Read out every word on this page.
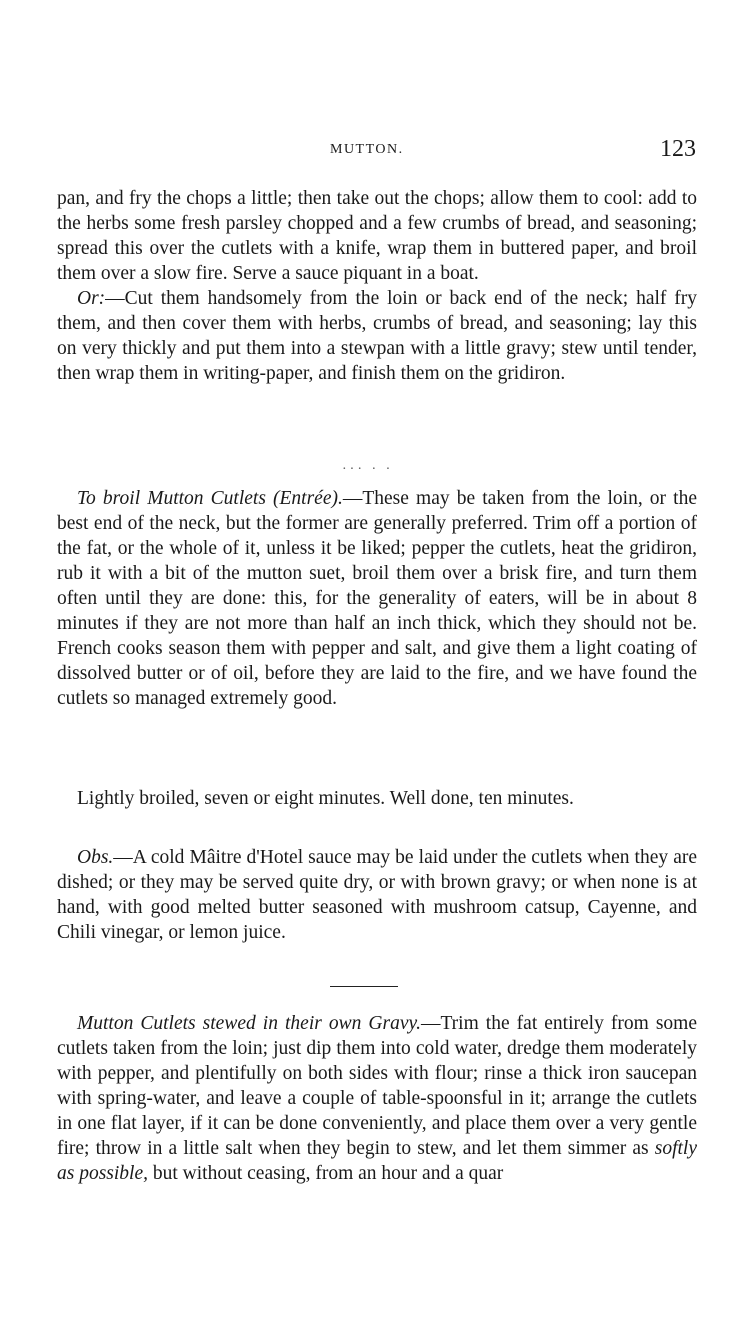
MUTTON.	123
pan, and fry the chops a little; then take out the chops; allow them to cool: add to the herbs some fresh parsley chopped and a few crumbs of bread, and seasoning; spread this over the cutlets with a knife, wrap them in buttered paper, and broil them over a slow fire. Serve a sauce piquant in a boat.
Or:—Cut them handsomely from the loin or back end of the neck; half fry them, and then cover them with herbs, crumbs of bread, and seasoning; lay this on very thickly and put them into a stewpan with a little gravy; stew until tender, then wrap them in writing-paper, and finish them on the gridiron.
··· · ·
To broil Mutton Cutlets (Entrée).—These may be taken from the loin, or the best end of the neck, but the former are generally preferred. Trim off a portion of the fat, or the whole of it, unless it be liked; pepper the cutlets, heat the gridiron, rub it with a bit of the mutton suet, broil them over a brisk fire, and turn them often until they are done: this, for the generality of eaters, will be in about 8 minutes if they are not more than half an inch thick, which they should not be. French cooks season them with pepper and salt, and give them a light coating of dissolved butter or of oil, before they are laid to the fire, and we have found the cutlets so managed extremely good.
Lightly broiled, seven or eight minutes. Well done, ten minutes.
Obs.—A cold Mâitre d'Hotel sauce may be laid under the cutlets when they are dished; or they may be served quite dry, or with brown gravy; or when none is at hand, with good melted butter seasoned with mushroom catsup, Cayenne, and Chili vinegar, or lemon juice.
Mutton Cutlets stewed in their own Gravy.—Trim the fat entirely from some cutlets taken from the loin; just dip them into cold water, dredge them moderately with pepper, and plentifully on both sides with flour; rinse a thick iron saucepan with spring-water, and leave a couple of table-spoonsful in it; arrange the cutlets in one flat layer, if it can be done conveniently, and place them over a very gentle fire; throw in a little salt when they begin to stew, and let them simmer as softly as possible, but without ceasing, from an hour and a quar
